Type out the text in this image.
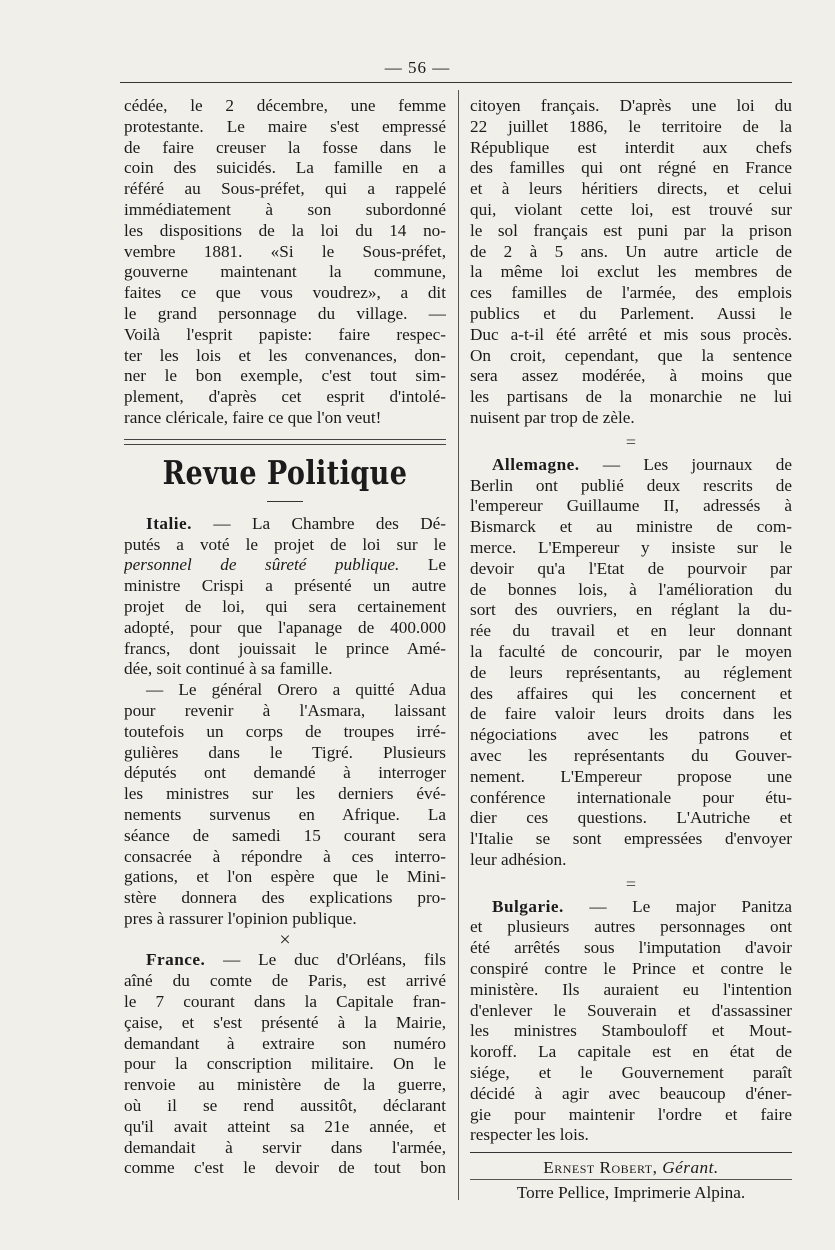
— 56 —
cédée, le 2 décembre, une femme
protestante. Le maire s'est empressé
de faire creuser la fosse dans le
coin des suicidés. La famille en a
référé au Sous-préfet, qui a rappelé
immédiatement à son subordonné
les dispositions de la loi du 14 no-
vembre 1881. «Si le Sous-préfet,
gouverne maintenant la commune,
faites ce que vous voudrez», a dit
le grand personnage du village. —
Voilà l'esprit papiste: faire respec-
ter les lois et les convenances, don-
ner le bon exemple, c'est tout sim-
plement, d'après cet esprit d'intolé-
rance cléricale, faire ce que l'on veut!
Revue Politique
Italie. — La Chambre des Dé-
putés a voté le projet de loi sur le
personnel de sûreté publique. Le
ministre Crispi a présenté un autre
projet de loi, qui sera certainement
adopté, pour que l'apanage de 400.000
francs, dont jouissait le prince Amé-
dée, soit continué à sa famille.
— Le général Orero a quitté Adua
pour revenir à l'Asmara, laissant
toutefois un corps de troupes irré-
gulières dans le Tigré. Plusieurs
députés ont demandé à interroger
les ministres sur les derniers évé-
nements survenus en Afrique. La
séance de samedi 15 courant sera
consacrée à répondre à ces interro-
gations, et l'on espère que le Mini-
stère donnera des explications pro-
pres à rassurer l'opinion publique.
×
France. — Le duc d'Orléans, fils
aîné du comte de Paris, est arrivé
le 7 courant dans la Capitale fran-
çaise, et s'est présenté à la Mairie,
demandant à extraire son numéro
pour la conscription militaire. On le
renvoie au ministère de la guerre,
où il se rend aussitôt, déclarant
qu'il avait atteint sa 21e année, et
demandait à servir dans l'armée,
comme c'est le devoir de tout bon
citoyen français. D'après une loi du
22 juillet 1886, le territoire de la
République est interdit aux chefs
des familles qui ont régné en France
et à leurs héritiers directs, et celui
qui, violant cette loi, est trouvé sur
le sol français est puni par la prison
de 2 à 5 ans. Un autre article de
la même loi exclut les membres de
ces familles de l'armée, des emplois
publics et du Parlement. Aussi le
Duc a-t-il été arrêté et mis sous procès.
On croit, cependant, que la sentence
sera assez modérée, à moins que
les partisans de la monarchie ne lui
nuisent par trop de zèle.
=
Allemagne. — Les journaux de
Berlin ont publié deux rescrits de
l'empereur Guillaume II, adressés à
Bismarck et au ministre de com-
merce. L'Empereur y insiste sur le
devoir qu'a l'Etat de pourvoir par
de bonnes lois, à l'amélioration du
sort des ouvriers, en réglant la du-
rée du travail et en leur donnant
la faculté de concourir, par le moyen
de leurs représentants, au réglement
des affaires qui les concernent et
de faire valoir leurs droits dans les
négociations avec les patrons et
avec les représentants du Gouver-
nement. L'Empereur propose une
conférence internationale pour étu-
dier ces questions. L'Autriche et
l'Italie se sont empressées d'envoyer
leur adhésion.
=
Bulgarie. — Le major Panitza
et plusieurs autres personnages ont
été arrêtés sous l'imputation d'avoir
conspiré contre le Prince et contre le
ministère. Ils auraient eu l'intention
d'enlever le Souverain et d'assassiner
les ministres Stambouloff et Mout-
koroff. La capitale est en état de
siége, et le Gouvernement paraît
décidé à agir avec beaucoup d'éner-
gie pour maintenir l'ordre et faire
respecter les lois.
Ernest Robert, Gérant.
Torre Pellice, Imprimerie Alpina.
